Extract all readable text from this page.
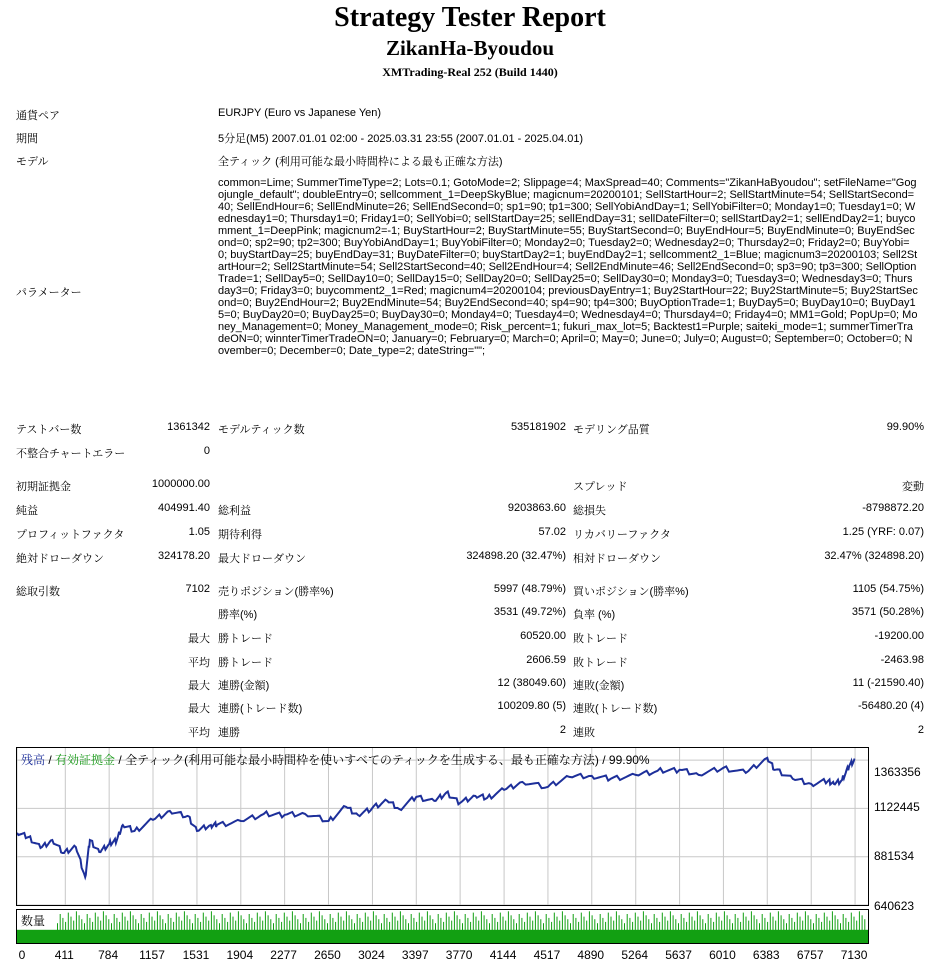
Strategy Tester Report
ZikanHa-Byoudou
XMTrading-Real 252 (Build 1440)
通貨ペア	EURJPY (Euro vs Japanese Yen)
期間	5分足(M5) 2007.01.01 02:00 - 2025.03.31 23:55 (2007.01.01 - 2025.04.01)
モデル	全ティック (利用可能な最小時間枠による最も正確な方法)
パラメーター
common=Lime; SummerTimeType=2; Lots=0.1; GotoMode=2; Slippage=4; MaxSpread=40; Comments="ZikanHaByoudou"; setFileName="Gogojungle_default"; doubleEntry=0; sellcomment_1=DeepSkyBlue; magicnum=20200101; SellStartHour=2; SellStartMinute=54; SellStartSecond=40; SellEndHour=6; SellEndMinute=26; SellEndSecond=0; sp1=90; tp1=300; SellYobiAndDay=1; SellYobiFilter=0; Monday1=0; Tuesday1=0; Wednesday1=0; Thursday1=0; Friday1=0; SellYobi=0; sellStartDay=25; sellEndDay=31; sellDateFilter=0; sellStartDay2=1; sellEndDay2=1; buycomment_1=DeepPink; magicnum2=-1; BuyStartHour=2; BuyStartMinute=55; BuyStartSecond=0; BuyEndHour=5; BuyEndMinute=0; BuyEndSecond=0; sp2=90; tp2=300; BuyYobiAndDay=1; BuyYobiFilter=0; Monday2=0; Tuesday2=0; Wednesday2=0; Thursday2=0; Friday2=0; BuyYobi=0; buyStartDay=25; buyEndDay=31; BuyDateFilter=0; buyStartDay2=1; buyEndDay2=1; sellcomment2_1=Blue; magicnum3=20200103; Sell2StartHour=2; Sell2StartMinute=54; Sell2StartSecond=40; Sell2EndHour=4; Sell2EndMinute=46; Sell2EndSecond=0; sp3=90; tp3=300; SellOptionTrade=1; SellDay5=0; SellDay10=0; SellDay15=0; SellDay20=0; SellDay25=0; SellDay30=0; Monday3=0; Tuesday3=0; Wednesday3=0; Thursday3=0; Friday3=0; buycomment2_1=Red; magicnum4=20200104; previousDayEntry=1; Buy2StartHour=22; Buy2StartMinute=5; Buy2StartSecond=0; Buy2EndHour=2; Buy2EndMinute=54; Buy2EndSecond=40; sp4=90; tp4=300; BuyOptionTrade=1; BuyDay5=0; BuyDay10=0; BuyDay15=0; BuyDay20=0; BuyDay25=0; BuyDay30=0; Monday4=0; Tuesday4=0; Wednesday4=0; Thursday4=0; Friday4=0; MM1=Gold; PopUp=0; Money_Management=0; Money_Management_mode=0; Risk_percent=1; fukuri_max_lot=5; Backtest1=Purple; saiteki_mode=1; summerTimerTradeON=0; winnterTimerTradeON=0; January=0; February=0; March=0; April=0; May=0; June=0; July=0; August=0; September=0; October=0; November=0; December=0; Date_type=2; dateString="";
テストバー数	1361342 モデルティック数	535181902 モデリング品質	99.90%
不整合チャートエラー	0
初期証拠金	1000000.00	スプレッド	変動
純益	404991.40 総利益	9203863.60 総損失	-8798872.20
プロフィットファクタ	1.05 期待利得	57.02 リカバリーファクタ	1.25 (YRF: 0.07)
絶対ドローダウン	324178.20 最大ドローダウン	324898.20 (32.47%) 相対ドローダウン	32.47% (324898.20)
総取引数	7102 売りポジション(勝率%)	5997 (48.79%) 買いポジション(勝率%)	1105 (54.75%)
勝率(%)	3531 (49.72%) 負率 (%)	3571 (50.28%)
最大 勝トレード	60520.00 敗トレード	-19200.00
平均 勝トレード	2606.59 敗トレード	-2463.98
最大 連勝(金額)	12 (38049.60) 連敗(金額)	11 (-21590.40)
最大 連勝(トレード数)	100209.80 (5) 連敗(トレード数)	-56480.20 (4)
平均 連勝	2 連敗	2
残高 / 有効証拠金 / 全ティック(利用可能な最小時間枠を使いすべてのティックを生成する、最も正確な方法) / 99.90%
1363356
1122445
881534
640623
数量
0 411 784 1157 1531 1904 2277 2650 3024 3397 3770 4144 4517 4890 5264 5637 6010 6383 6757 7130
